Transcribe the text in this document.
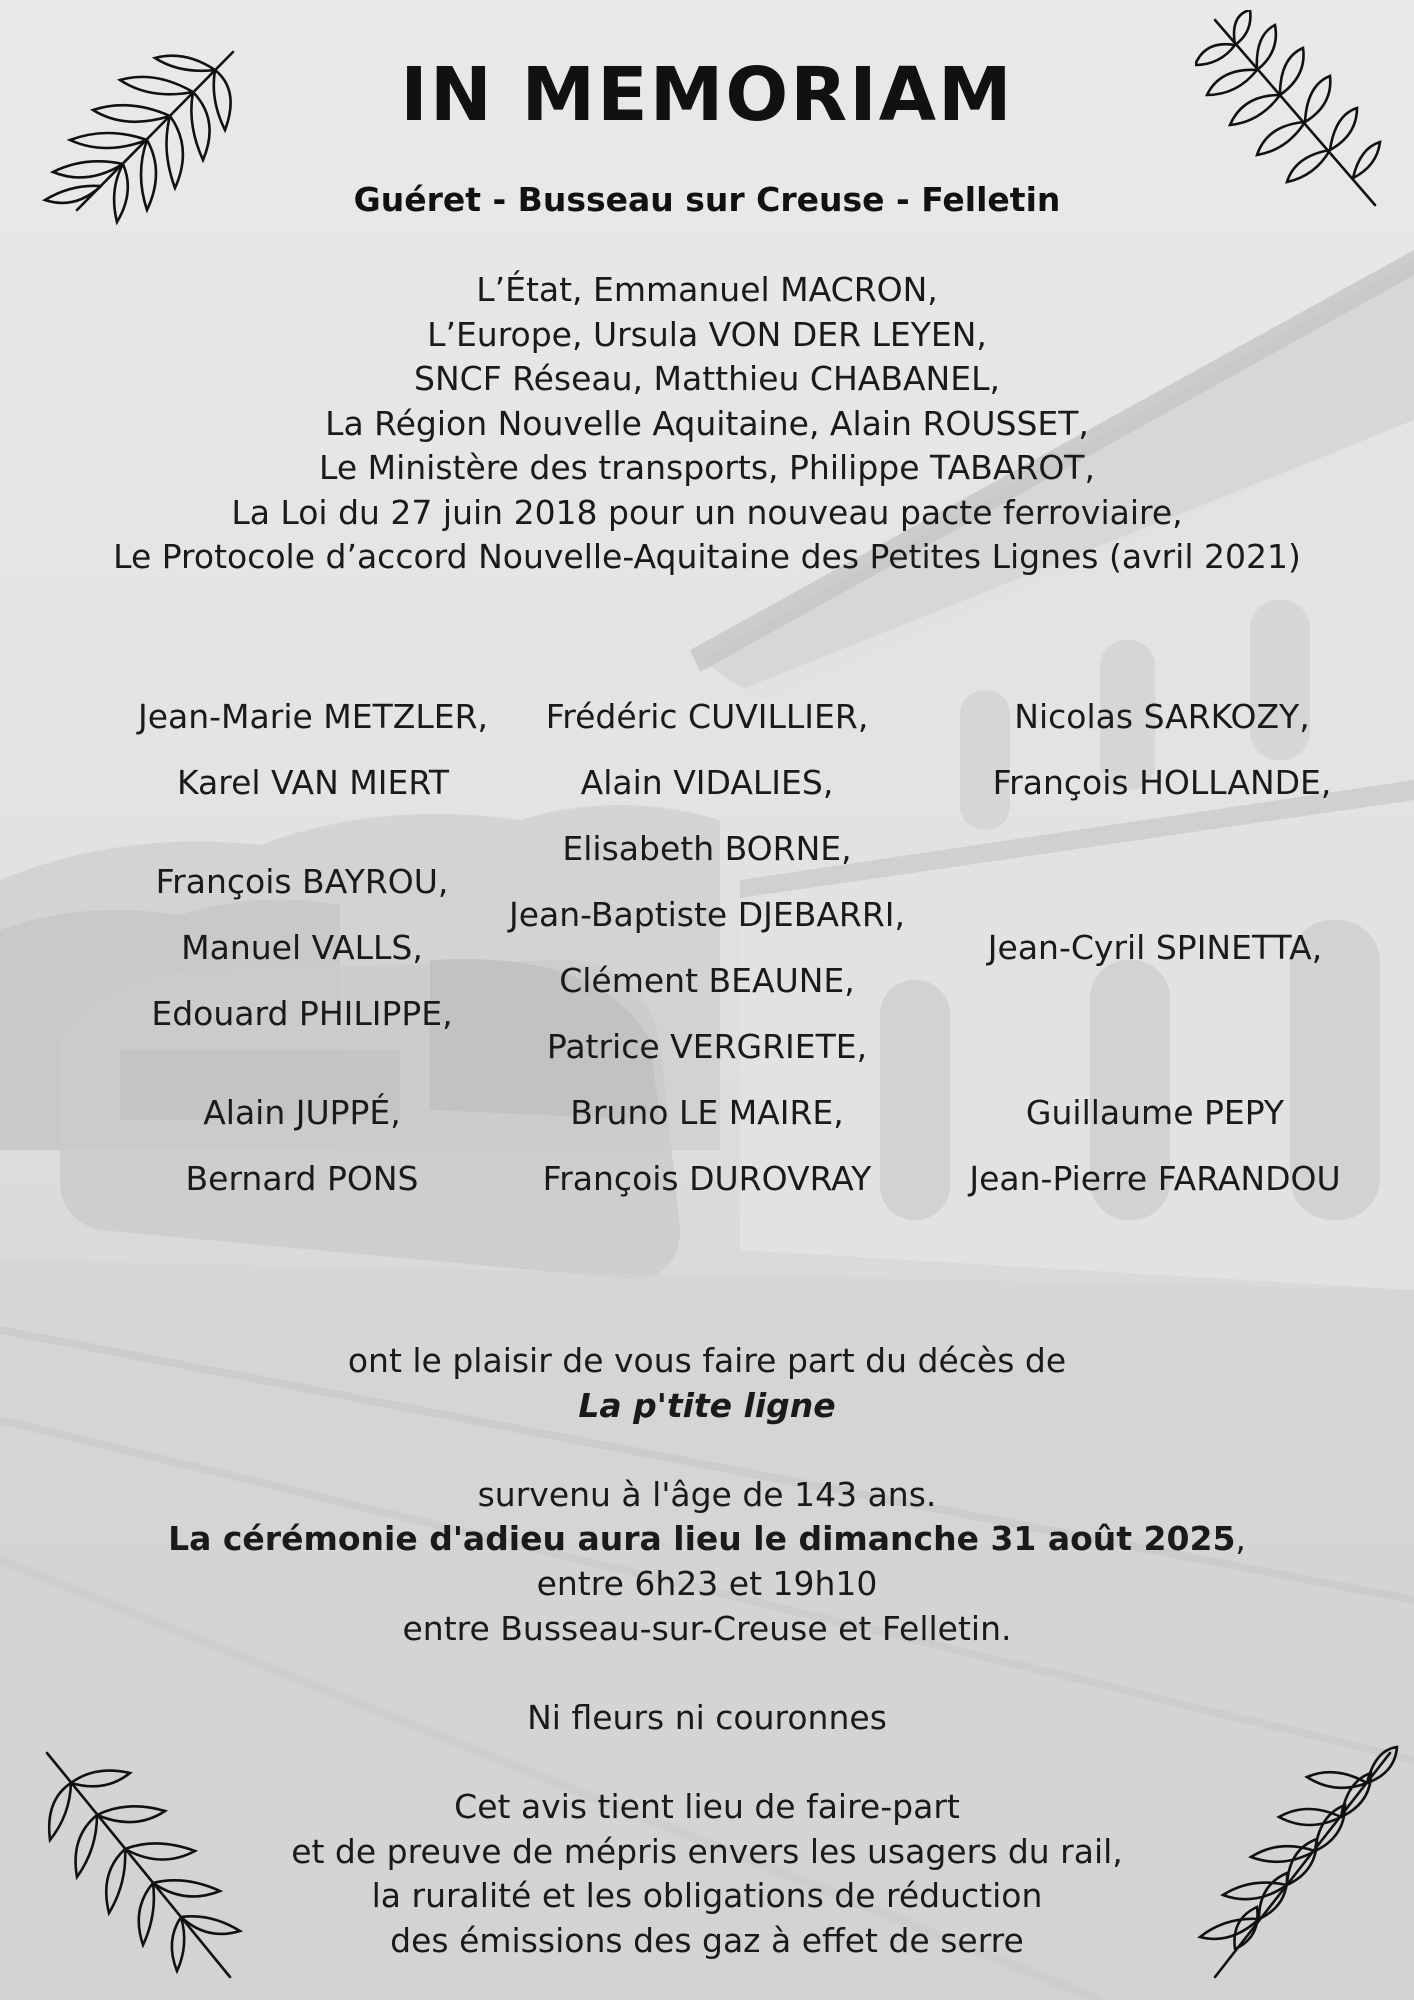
IN MEMORIAM
Guéret - Busseau sur Creuse - Felletin
L’État, Emmanuel MACRON,
L’Europe, Ursula VON DER LEYEN,
SNCF Réseau, Matthieu CHABANEL,
La Région Nouvelle Aquitaine, Alain ROUSSET,
Le Ministère des transports, Philippe TABAROT,
La Loi du 27 juin 2018 pour un nouveau pacte ferroviaire,
Le Protocole d’accord Nouvelle-Aquitaine des Petites Lignes (avril 2021)
Jean-Marie METZLER,
Karel VAN MIERT
François BAYROU,
Manuel VALLS,
Edouard PHILIPPE,
Alain JUPPÉ,
Bernard PONS
Frédéric CUVILLIER,
Alain VIDALIES,
Elisabeth BORNE,
Jean-Baptiste DJEBARRI,
Clément BEAUNE,
Patrice VERGRIETE,
Bruno LE MAIRE,
François DUROVRAY
Nicolas SARKOZY,
François HOLLANDE,
Jean-Cyril SPINETTA,
Guillaume PEPY
Jean-Pierre FARANDOU
ont le plaisir de vous faire part du décès de
La p'tite ligne
survenu à l'âge de 143 ans.
La cérémonie d'adieu aura lieu le dimanche 31 août 2025,
entre 6h23 et 19h10
entre Busseau-sur-Creuse et Felletin.
Ni fleurs ni couronnes
Cet avis tient lieu de faire-part
et de preuve de mépris envers les usagers du rail,
la ruralité et les obligations de réduction
des émissions des gaz à effet de serre
